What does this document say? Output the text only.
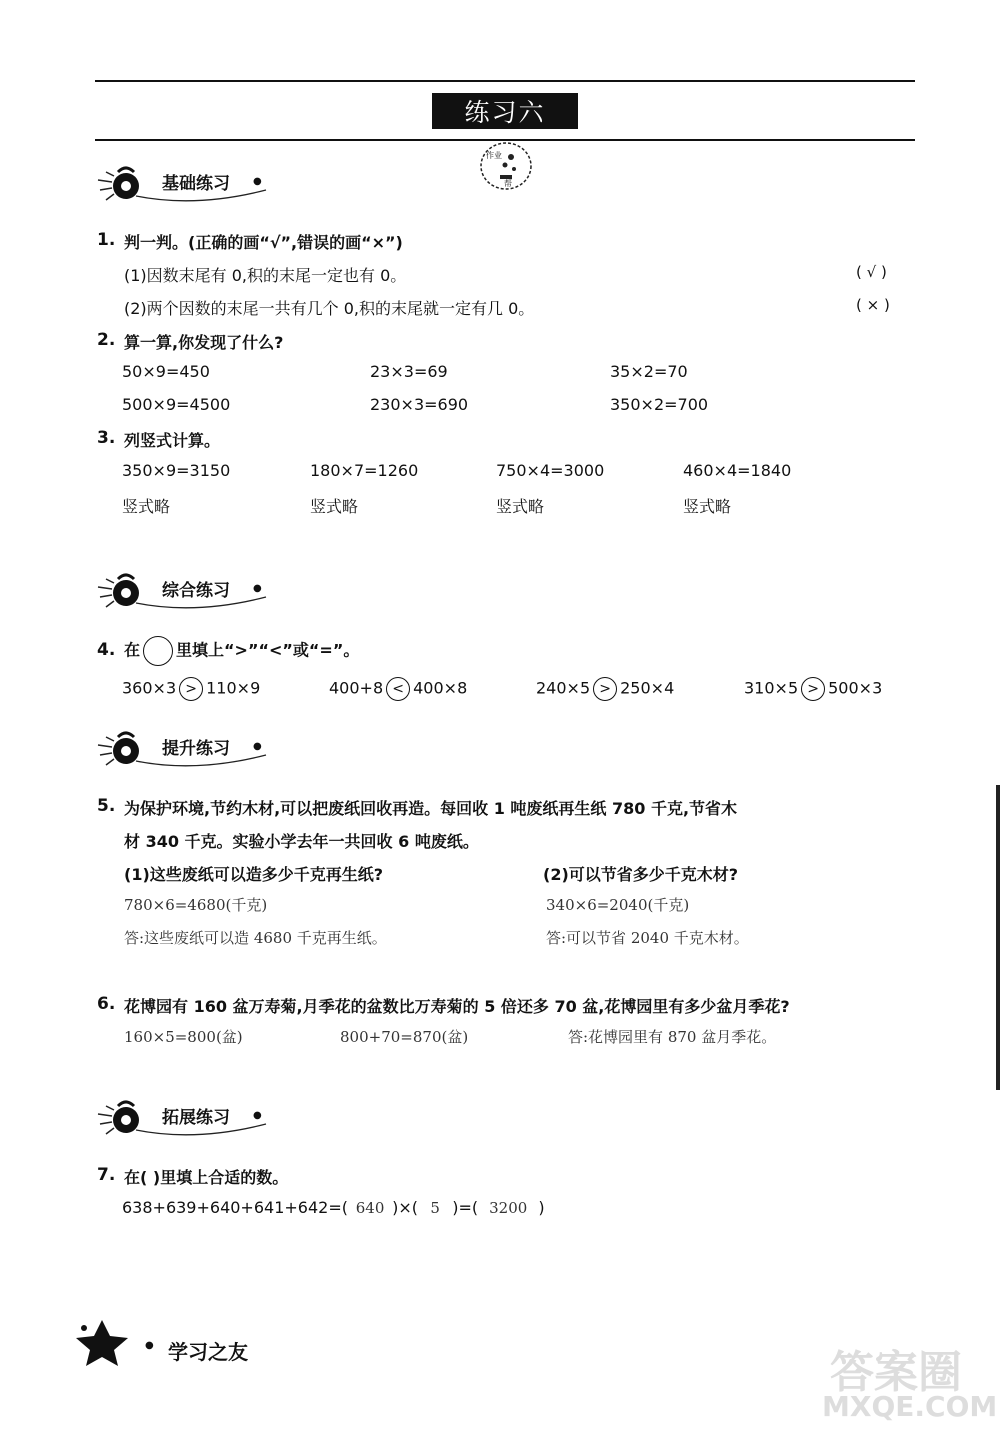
练习六
作业
帮
基础练习 ●
1. 判一判。(正确的画“√”,错误的画“×”)
(1)因数末尾有 0,积的末尾一定也有 0。	( √ )
(2)两个因数的末尾一共有几个 0,积的末尾就一定有几 0。	( × )
2. 算一算,你发现了什么?
50×9=450	23×3=69	35×2=70
500×9=4500	230×3=690	350×2=700
3. 列竖式计算。
350×9=3150	180×7=1260	750×4=3000	460×4=1840
竖式略	竖式略	竖式略	竖式略
综合练习 ●
4. 在 里填上“>”“<”或“=”。
360×3 > 110×9	400+8 < 400×8	240×5 > 250×4	310×5 > 500×3
提升练习 ●
5. 为保护环境,节约木材,可以把废纸回收再造。每回收 1 吨废纸再生纸 780 千克,节省木
材 340 千克。实验小学去年一共回收 6 吨废纸。
(1)这些废纸可以造多少千克再生纸?	(2)可以节省多少千克木材?
780×6=4680(千克)	340×6=2040(千克)
答:这些废纸可以造 4680 千克再生纸。	答:可以节省 2040 千克木材。
6. 花博园有 160 盆万寿菊,月季花的盆数比万寿菊的 5 倍还多 70 盆,花博园里有多少盆月季花?
160×5=800(盆)	800+70=870(盆)	答:花博园里有 870 盆月季花。
拓展练习 ●
7. 在( )里填上合适的数。
638+639+640+641+642=( 640 )×( 5 )=( 3200 )
● 学习之友	答案圈
MXQE.COM
